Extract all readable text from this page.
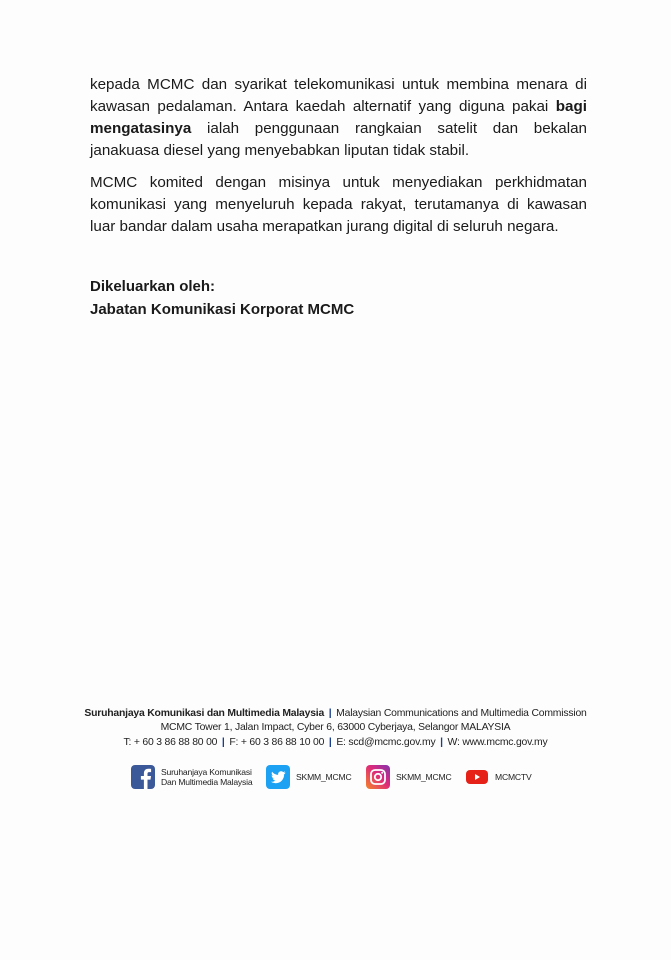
kepada MCMC dan syarikat telekomunikasi untuk membina menara di kawasan pedalaman. Antara kaedah alternatif yang diguna pakai bagi mengatasinya ialah penggunaan rangkaian satelit dan bekalan janakuasa diesel yang menyebabkan liputan tidak stabil.

MCMC komited dengan misinya untuk menyediakan perkhidmatan komunikasi yang menyeluruh kepada rakyat, terutamanya di kawasan luar bandar dalam usaha merapatkan jurang digital di seluruh negara.

Dikeluarkan oleh:

Jabatan Komunikasi Korporat MCMC

Suruhanjaya Komunikasi dan Multimedia Malaysia | Malaysian Communications and Multimedia Commission
MCMC Tower 1, Jalan Impact, Cyber 6, 63000 Cyberjaya, Selangor MALAYSIA
T: + 60 3 86 88 80 00 | F: + 60 3 86 88 10 00 | E: scd@mcmc.gov.my | W: www.mcmc.gov.my
Suruhanjaya Komunikasi
Dan Multimedia Malaysia	SKMM_MCMC	SKMM_MCMC	MCMCTV
